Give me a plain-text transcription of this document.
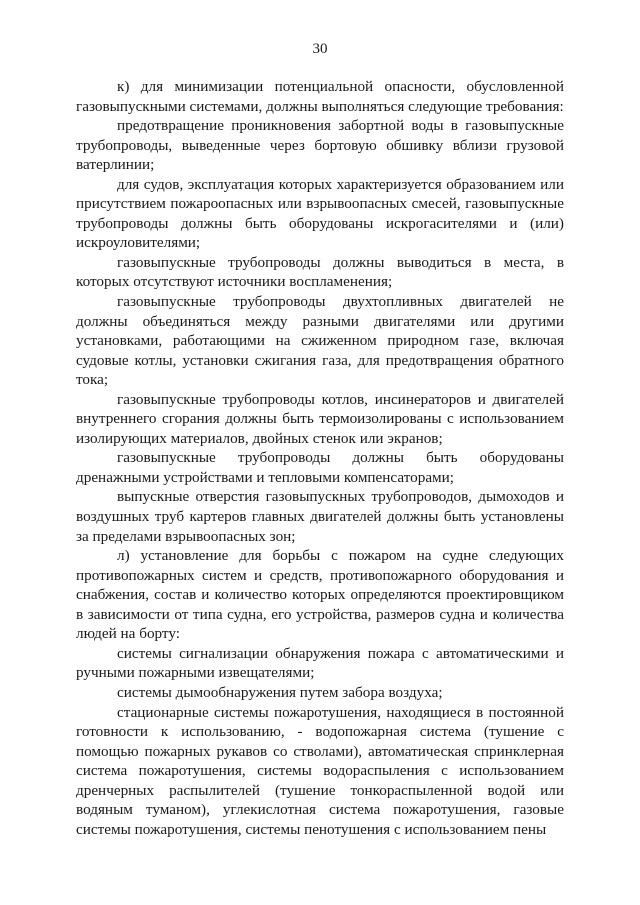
30

к) для минимизации потенциальной опасности, обусловленной газовыпускными системами, должны выполняться следующие требования:

предотвращение проникновения забортной воды в газовыпускные трубопроводы, выведенные через бортовую обшивку вблизи грузовой ватерлинии;

для судов, эксплуатация которых характеризуется образованием или присутствием пожароопасных или взрывоопасных смесей, газовыпускные трубопроводы должны быть оборудованы искрогасителями и (или) искроуловителями;

газовыпускные трубопроводы должны выводиться в места, в которых отсутствуют источники воспламенения;

газовыпускные трубопроводы двухтопливных двигателей не должны объединяться между разными двигателями или другими установками, работающими на сжиженном природном газе, включая судовые котлы, установки сжигания газа, для предотвращения обратного тока;

газовыпускные трубопроводы котлов, инсинераторов и двигателей внутреннего сгорания должны быть термоизолированы с использованием изолирующих материалов, двойных стенок или экранов;

газовыпускные трубопроводы должны быть оборудованы дренажными устройствами и тепловыми компенсаторами;

выпускные отверстия газовыпускных трубопроводов, дымоходов и воздушных труб картеров главных двигателей должны быть установлены за пределами взрывоопасных зон;

л) установление для борьбы с пожаром на судне следующих противопожарных систем и средств, противопожарного оборудования и снабжения, состав и количество которых определяются проектировщиком в зависимости от типа судна, его устройства, размеров судна и количества людей на борту:

системы сигнализации обнаружения пожара с автоматическими и ручными пожарными извещателями;

системы дымообнаружения путем забора воздуха;

стационарные системы пожаротушения, находящиеся в постоянной готовности к использованию, - водопожарная система (тушение с помощью пожарных рукавов со стволами), автоматическая спринклерная система пожаротушения, системы водораспыления с использованием дренчерных распылителей (тушение тонкораспыленной водой или водяным туманом), углекислотная система пожаротушения, газовые системы пожаротушения, системы пенотушения с использованием пены
